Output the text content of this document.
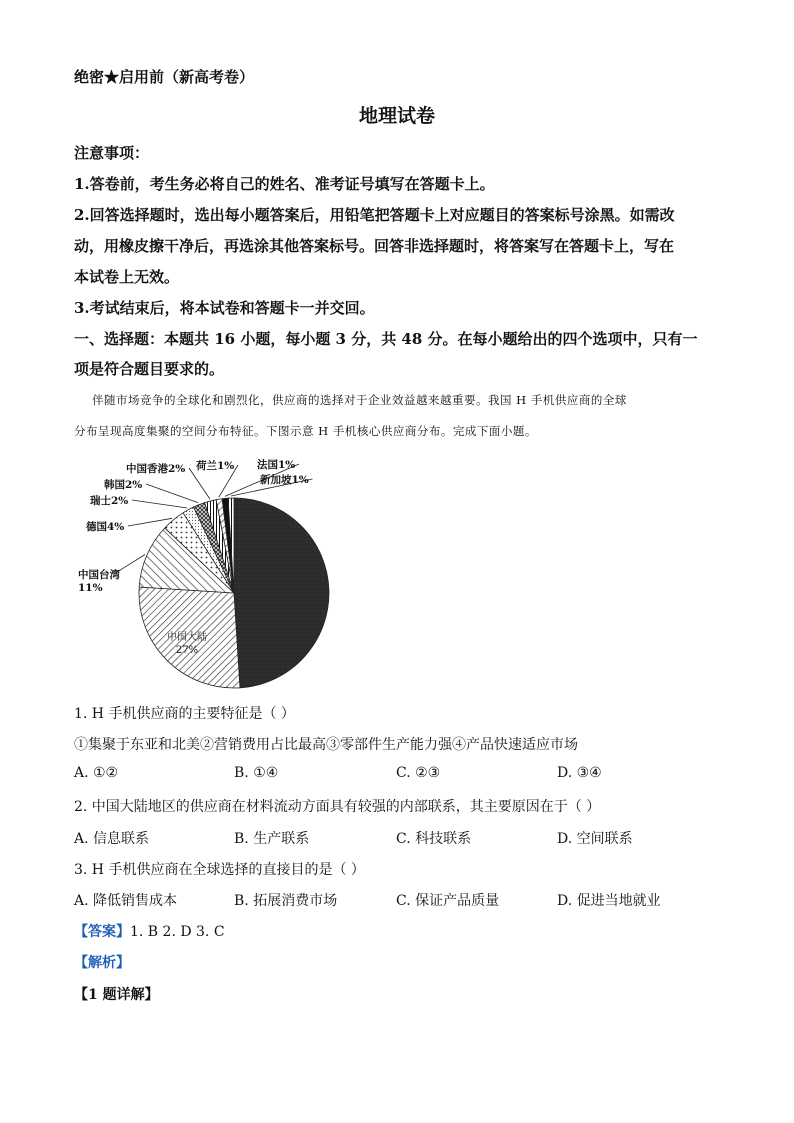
绝密★启用前（新高考卷）
地理试卷
注意事项：
1.答卷前，考生务必将自己的姓名、准考证号填写在答题卡上。
2.回答选择题时，选出每小题答案后，用铅笔把答题卡上对应题目的答案标号涂黑。如需改
动，用橡皮擦干净后，再选涂其他答案标号。回答非选择题时，将答案写在答题卡上，写在
本试卷上无效。
3.考试结束后，将本试卷和答题卡一并交回。
一、选择题：本题共 16 小题，每小题 3 分，共 48 分。在每小题给出的四个选项中，只有一
项是符合题目要求的。
伴随市场竞争的全球化和剧烈化，供应商的选择对于企业效益越来越重要。我国 H 手机供应商的全球
分布呈现高度集聚的空间分布特征。下图示意 H 手机核心供应商分布。完成下面小题。
中国台湾 11%
德国4%
瑞士2%
韩国2%
中国香港2% 荷兰1% 法国1%
新加坡1%
中国大陆
27%
1. H 手机供应商的主要特征是（ ）
①集聚于东亚和北美②营销费用占比最高③零部件生产能力强④产品快速适应市场
A. ①②	B. ①④	C. ②③	D. ③④
2. 中国大陆地区的供应商在材料流动方面具有较强的内部联系，其主要原因在于（ ）
A. 信息联系	B. 生产联系	C. 科技联系	D. 空间联系
3. H 手机供应商在全球选择的直接目的是（ ）
A. 降低销售成本	B. 拓展消费市场	C. 保证产品质量	D. 促进当地就业
【答案】1. B 2. D 3. C
【解析】
【1 题详解】
